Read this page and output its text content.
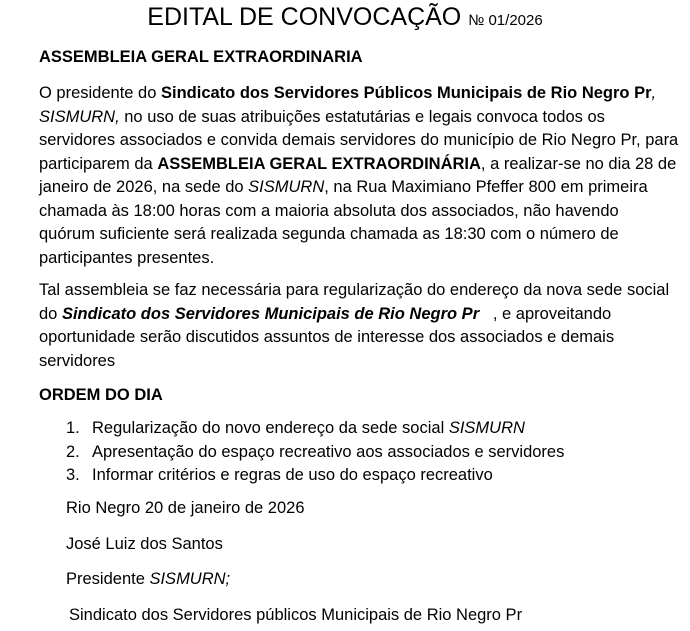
EDITAL DE CONVOCAÇÃO № 01/2026
ASSEMBLEIA GERAL EXTRAORDINARIA
O presidente do Sindicato dos Servidores Públicos Municipais de Rio Negro Pr, SISMURN, no uso de suas atribuições estatutárias e legais convoca todos os servidores associados e convida demais servidores do município de Rio Negro Pr, para participarem da ASSEMBLEIA GERAL EXTRAORDINÁRIA, a realizar-se no dia 28 de janeiro de 2026, na sede do SISMURN, na Rua Maximiano Pfeffer 800 em primeira chamada às 18:00 horas com a maioria absoluta dos associados, não havendo quórum suficiente será realizada segunda chamada as 18:30 com o número de participantes presentes.
Tal assembleia se faz necessária para regularização do endereço da nova sede social do Sindicato dos Servidores Municipais de Rio Negro Pr   , e aproveitando oportunidade serão discutidos assuntos de interesse dos associados e demais servidores
ORDEM DO DIA
1. Regularização do novo endereço da sede social SISMURN
2. Apresentação do espaço recreativo aos associados e servidores
3. Informar critérios e regras de uso do espaço recreativo
Rio Negro 20 de janeiro de 2026
José Luiz dos Santos
Presidente SISMURN;
Sindicato dos Servidores públicos Municipais de Rio Negro Pr
